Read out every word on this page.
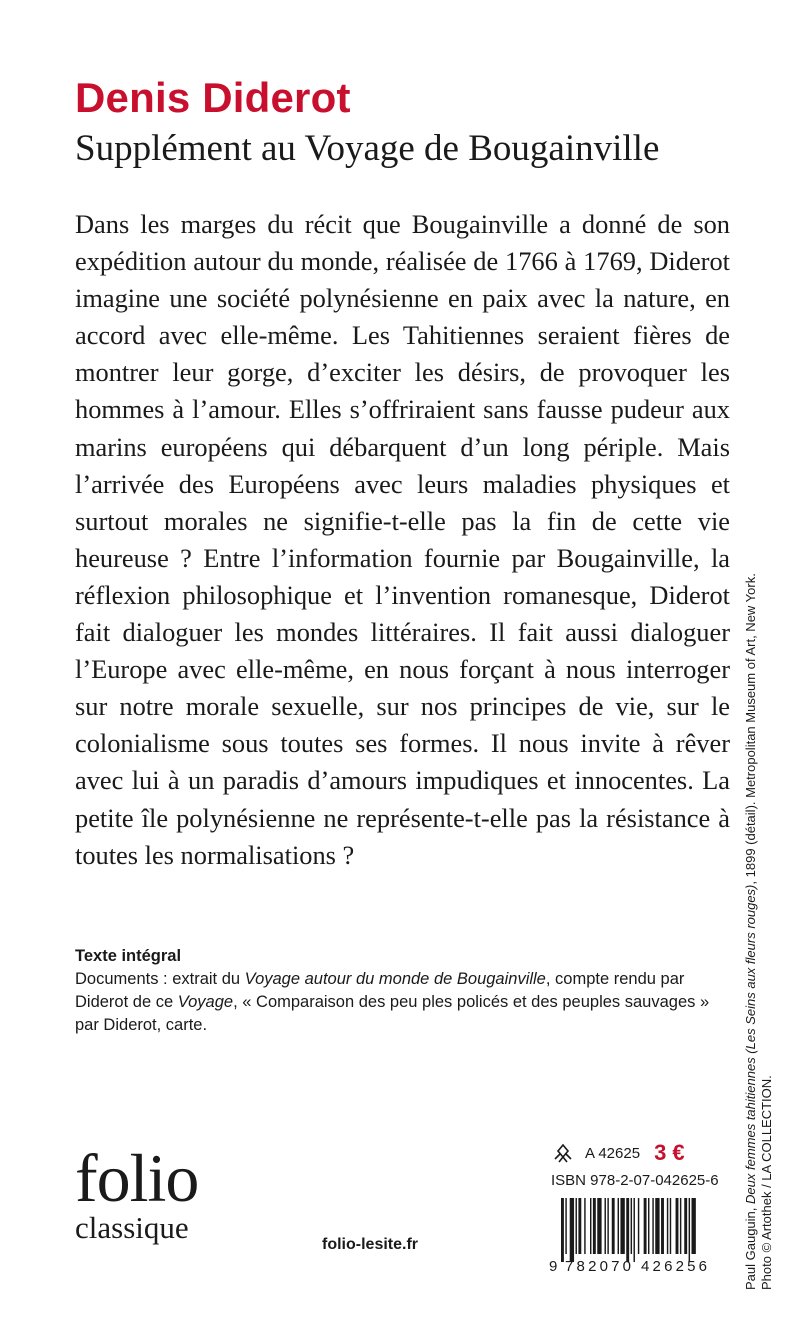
Denis Diderot
Supplément au Voyage de Bougainville

Dans les marges du récit que Bougainville a donné de son expédition autour du monde, réalisée de 1766 à 1769, Diderot imagine une société polynésienne en paix avec la nature, en accord avec elle-même. Les Tahitiennes seraient fières de montrer leur gorge, d’exciter les désirs, de provoquer les hommes à l’amour. Elles s’offriraient sans fausse pudeur aux marins européens qui débarquent d’un long périple. Mais l’arrivée des Européens avec leurs maladies physiques et surtout morales ne signifie-t-elle pas la fin de cette vie heureuse ? Entre l’information fournie par Bougainville, la réflexion philosophique et l’invention romanesque, Diderot fait dialoguer les mondes littéraires. Il fait aussi dialoguer l’Europe avec elle-même, en nous forçant à nous interroger sur notre morale sexuelle, sur nos principes de vie, sur le colonialisme sous toutes ses formes. Il nous invite à rêver avec lui à un paradis d’amours impudiques et innocentes. La petite île polynésienne ne représente-t-elle pas la résistance à toutes les normalisations ?

Texte intégral
Documents : extrait du Voyage autour du monde de Bougainville, compte rendu par Diderot de ce Voyage, « Comparaison des peu ples policés et des peuples sauvages » par Diderot, carte.
Paul Gauguin, Deux femmes tahitiennes (Les Seins aux fleurs rouges), 1899 (détail). Metropolitan Museum of Art, New York.
Photo © Artothek / LA COLLECTION.
folio
classique	folio-lesite.fr
A 42625 3 €
ISBN 978-2-07-042625-6
9 782070 426256
